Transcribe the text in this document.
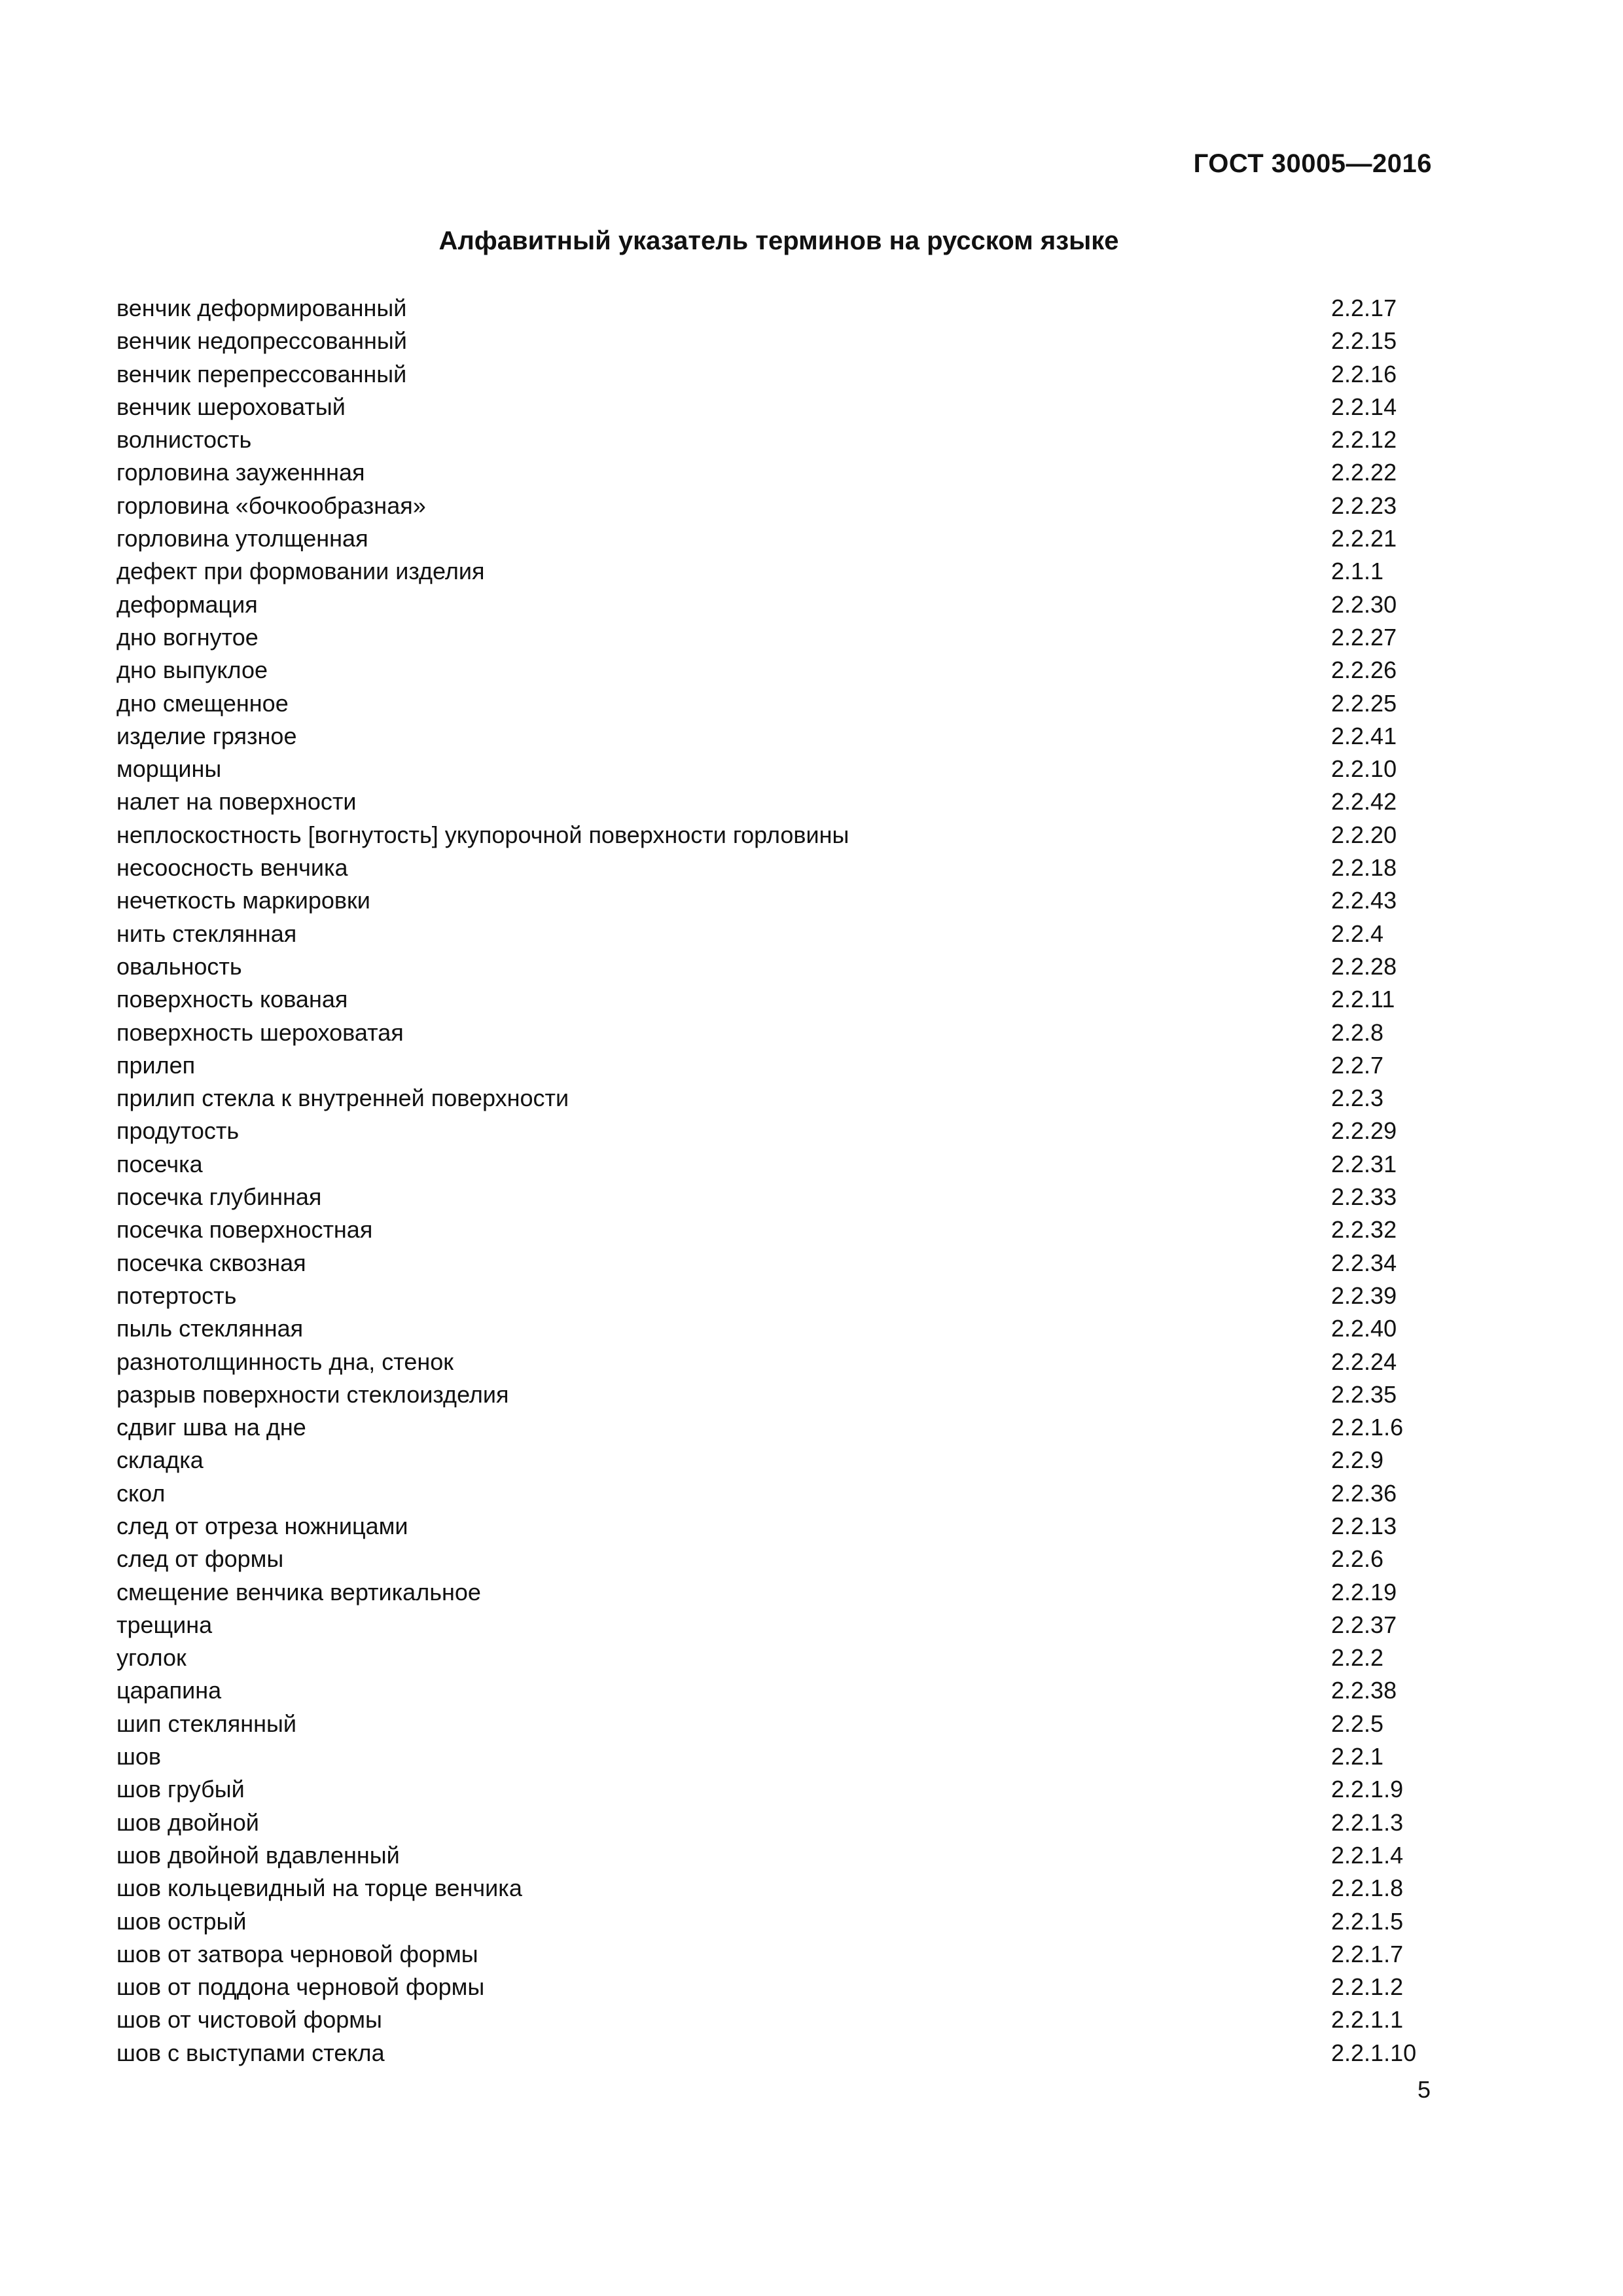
ГОСТ 30005—2016
Алфавитный указатель терминов на русском языке
венчик деформированный	2.2.17
венчик недопрессованный	2.2.15
венчик перепрессованный	2.2.16
венчик шероховатый	2.2.14
волнистость	2.2.12
горловина зауженнная	2.2.22
горловина «бочкообразная»	2.2.23
горловина утолщенная	2.2.21
дефект при формовании изделия	2.1.1
деформация	2.2.30
дно вогнутое	2.2.27
дно выпуклое	2.2.26
дно смещенное	2.2.25
изделие грязное	2.2.41
морщины	2.2.10
налет на поверхности	2.2.42
неплоскостность [вогнутость] укупорочной поверхности горловины	2.2.20
несоосность венчика	2.2.18
нечеткость маркировки	2.2.43
нить стеклянная	2.2.4
овальность	2.2.28
поверхность кованая	2.2.11
поверхность шероховатая	2.2.8
прилеп	2.2.7
прилип стекла к внутренней поверхности	2.2.3
продутость	2.2.29
посечка	2.2.31
посечка глубинная	2.2.33
посечка поверхностная	2.2.32
посечка сквозная	2.2.34
потертость	2.2.39
пыль стеклянная	2.2.40
разнотолщинность дна, стенок	2.2.24
разрыв поверхности стеклоизделия	2.2.35
сдвиг шва на дне	2.2.1.6
складка	2.2.9
скол	2.2.36
след от отреза ножницами	2.2.13
след от формы	2.2.6
смещение венчика вертикальное	2.2.19
трещина	2.2.37
уголок	2.2.2
царапина	2.2.38
шип стеклянный	2.2.5
шов	2.2.1
шов грубый	2.2.1.9
шов двойной	2.2.1.3
шов двойной вдавленный	2.2.1.4
шов кольцевидный на торце венчика	2.2.1.8
шов острый	2.2.1.5
шов от затвора черновой формы	2.2.1.7
шов от поддона черновой формы	2.2.1.2
шов от чистовой формы	2.2.1.1
шов с выступами стекла	2.2.1.10
5
